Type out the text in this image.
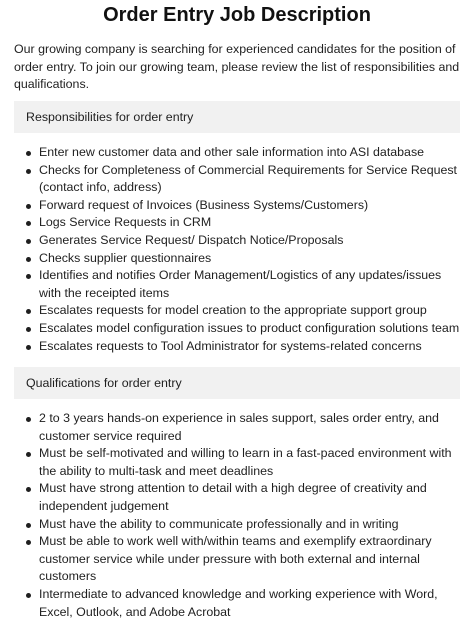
Order Entry Job Description

Our growing company is searching for experienced candidates for the position of order entry. To join our growing team, please review the list of responsibilities and qualifications.

Responsibilities for order entry
Enter new customer data and other sale information into ASI database
Checks for Completeness of Commercial Requirements for Service Request (contact info, address)
Forward request of Invoices (Business Systems/Customers)
Logs Service Requests in CRM
Generates Service Request/ Dispatch Notice/Proposals
Checks supplier questionnaires
Identifies and notifies Order Management/Logistics of any updates/issues with the receipted items
Escalates requests for model creation to the appropriate support group
Escalates model configuration issues to product configuration solutions team
Escalates requests to Tool Administrator for systems-related concerns
Qualifications for order entry
2 to 3 years hands-on experience in sales support, sales order entry, and customer service required
Must be self-motivated and willing to learn in a fast-paced environment with the ability to multi-task and meet deadlines
Must have strong attention to detail with a high degree of creativity and independent judgement
Must have the ability to communicate professionally and in writing
Must be able to work well with/within teams and exemplify extraordinary customer service while under pressure with both external and internal customers
Intermediate to advanced knowledge and working experience with Word, Excel, Outlook, and Adobe Acrobat
